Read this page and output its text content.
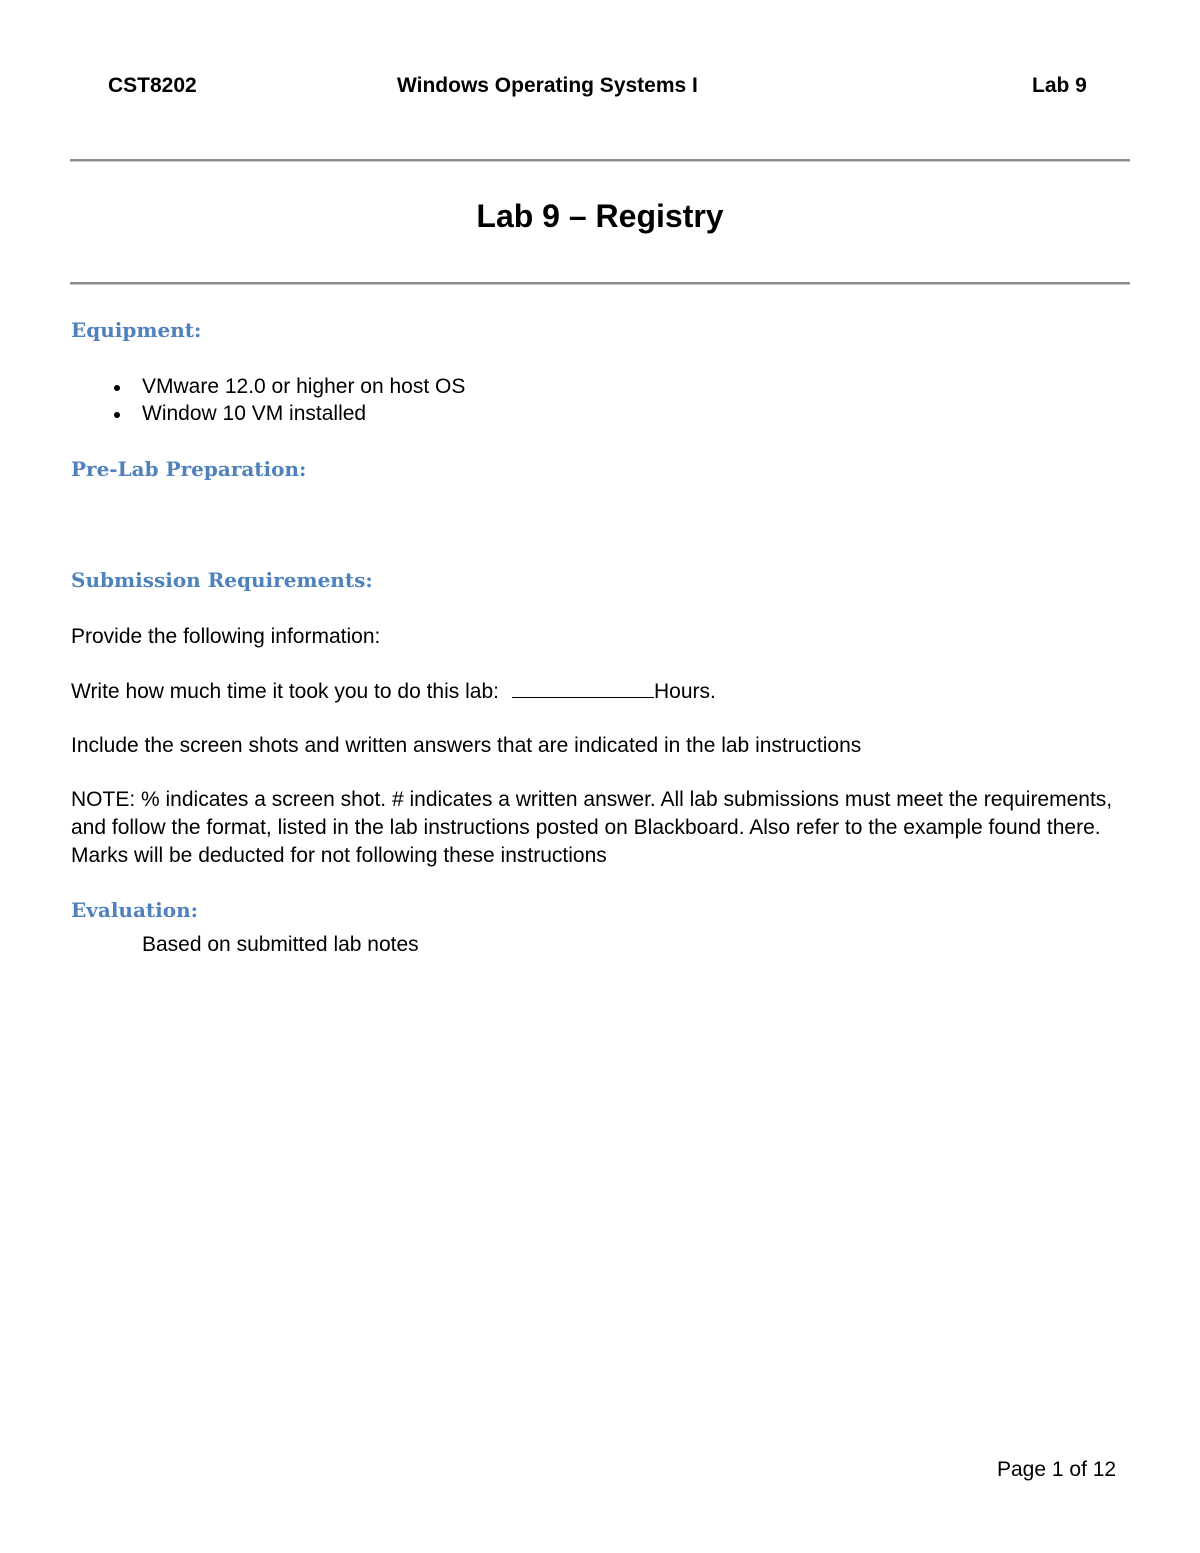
CST8202	Windows Operating Systems I	Lab 9
Lab 9 – Registry
Equipment:
VMware 12.0 or higher on host OS
Window 10 VM installed
Pre-Lab Preparation:
Submission Requirements:
Provide the following information:
Write how much time it took you to do this lab:	Hours.
Include the screen shots and written answers that are indicated in the lab instructions
NOTE: % indicates a screen shot. # indicates a written answer. All lab submissions must meet the requirements, and follow the format, listed in the lab instructions posted on Blackboard. Also refer to the example found there. Marks will be deducted for not following these instructions
Evaluation:
Based on submitted lab notes
Page 1 of 12
